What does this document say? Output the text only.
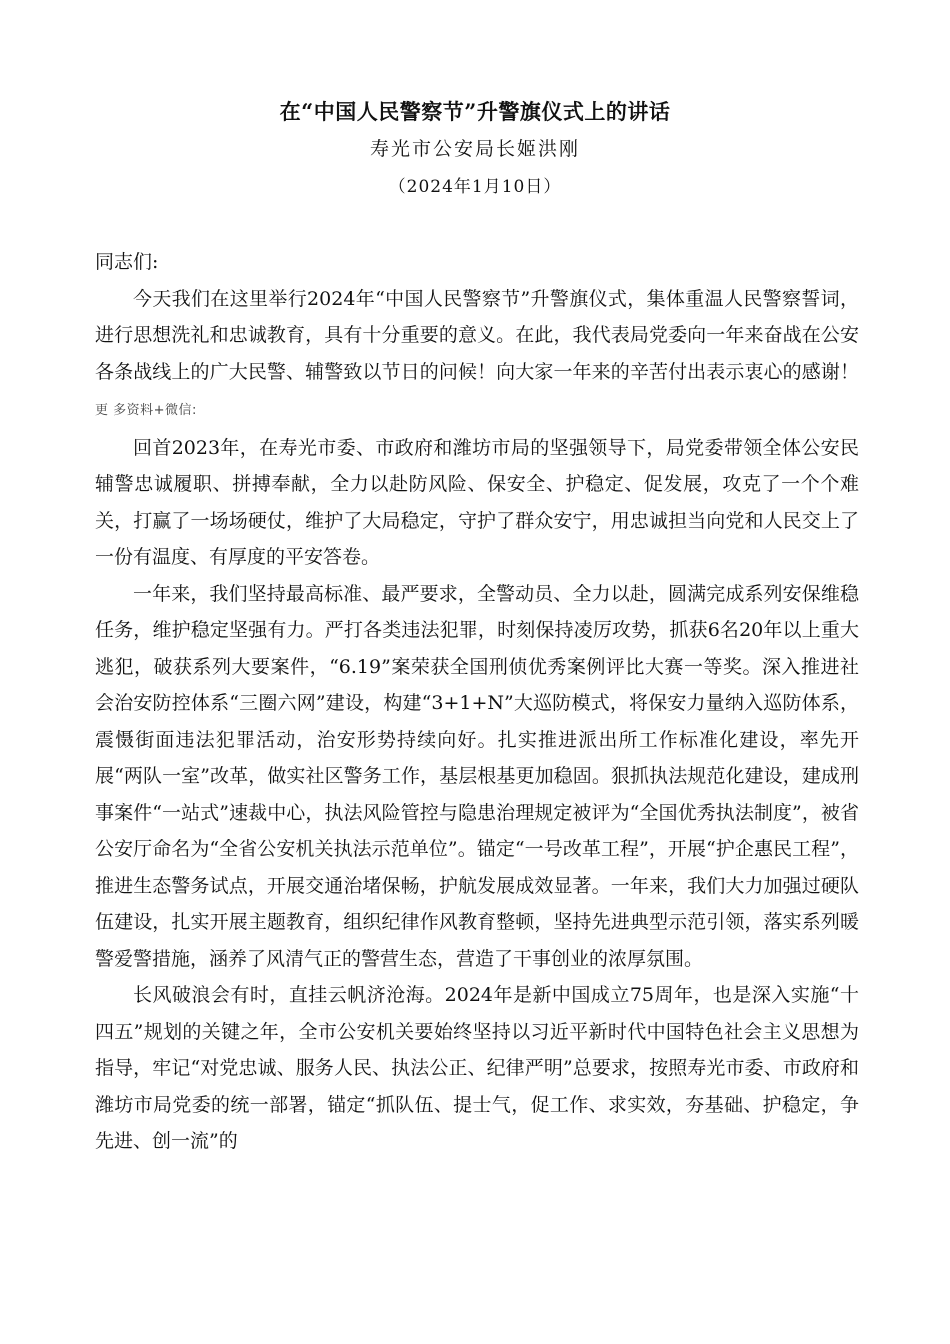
在“中国人民警察节”升警旗仪式上的讲话
寿光市公安局长姬洪刚
（2024年1月10日）

同志们:

今天我们在这里举行2024年“中国人民警察节”升警旗仪式，集体重温人民警察誓词，进行思想洗礼和忠诚教育，具有十分重要的意义。在此，我代表局党委向一年来奋战在公安各条战线上的广大民警、辅警致以节日的问候！向大家一年来的辛苦付出表示衷心的感谢！ 更 多资料+微信:

回首2023年，在寿光市委、市政府和潍坊市局的坚强领导下，局党委带领全体公安民辅警忠诚履职、拼搏奉献，全力以赴防风险、保安全、护稳定、促发展，攻克了一个个难关，打赢了一场场硬仗，维护了大局稳定，守护了群众安宁，用忠诚担当向党和人民交上了一份有温度、有厚度的平安答卷。

一年来，我们坚持最高标准、最严要求，全警动员、全力以赴，圆满完成系列安保维稳任务，维护稳定坚强有力。严打各类违法犯罪，时刻保持凌厉攻势，抓获6名20年以上重大逃犯，破获系列大要案件，“6.19”案荣获全国刑侦优秀案例评比大赛一等奖。深入推进社会治安防控体系“三圈六网”建设，构建“3+1+N”大巡防模式，将保安力量纳入巡防体系，震慑街面违法犯罪活动，治安形势持续向好。扎实推进派出所工作标准化建设，率先开展“两队一室”改革，做实社区警务工作，基层根基更加稳固。狠抓执法规范化建设，建成刑事案件“一站式”速裁中心，执法风险管控与隐患治理规定被评为“全国优秀执法制度”，被省公安厅命名为“全省公安机关执法示范单位”。锚定“一号改革工程”，开展“护企惠民工程”，推进生态警务试点，开展交通治堵保畅，护航发展成效显著。一年来，我们大力加强过硬队伍建设，扎实开展主题教育，组织纪律作风教育整顿，坚持先进典型示范引领，落实系列暖警爱警措施，涵养了风清气正的警营生态，营造了干事创业的浓厚氛围。

长风破浪会有时，直挂云帆济沧海。2024年是新中国成立75周年，也是深入实施“十四五”规划的关键之年，全市公安机关要始终坚持以习近平新时代中国特色社会主义思想为指导，牢记“对党忠诚、服务人民、执法公正、纪律严明”总要求，按照寿光市委、市政府和潍坊市局党委的统一部署，锚定“抓队伍、提士气，促工作、求实效，夯基础、护稳定，争先进、创一流”的
